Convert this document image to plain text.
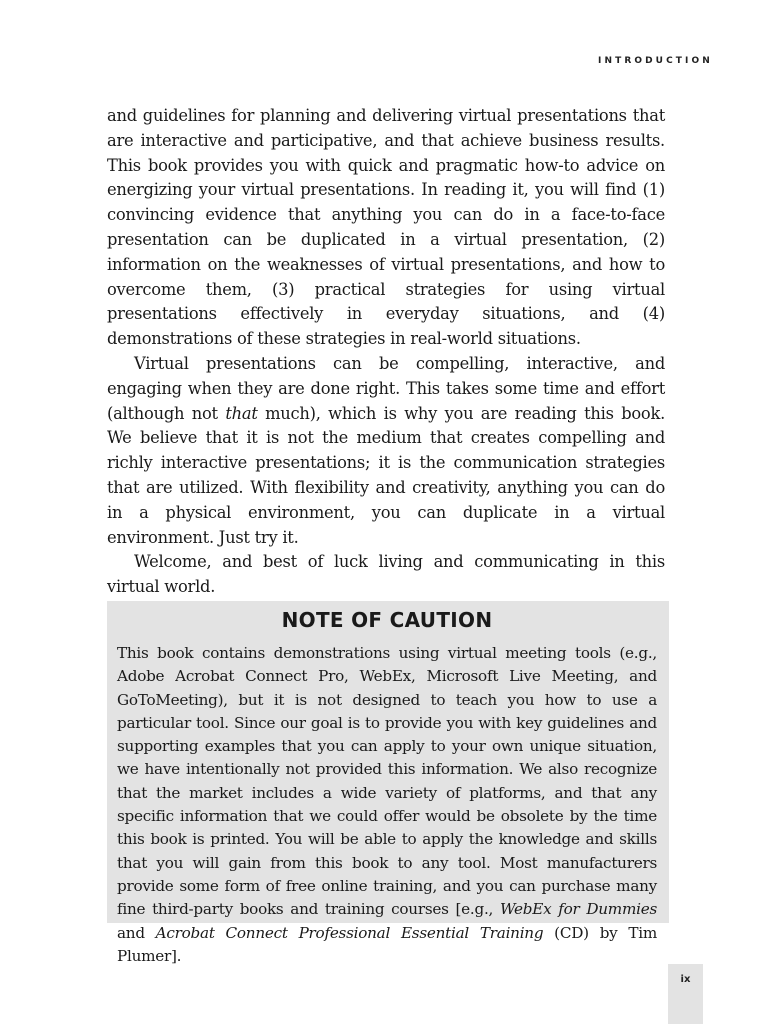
INTRODUCTION

and guidelines for planning and delivering virtual presentations that are interactive and participative, and that achieve business results. This book provides you with quick and pragmatic how-to advice on energizing your virtual presentations. In reading it, you will find (1) convincing evidence that anything you can do in a face-to-face presentation can be duplicated in a virtual presentation, (2) information on the weaknesses of virtual presentations, and how to overcome them, (3) practical strategies for using virtual presentations effectively in everyday situations, and (4) demonstrations of these strategies in real-world situations.

Virtual presentations can be compelling, interactive, and engaging when they are done right. This takes some time and effort (although not that much), which is why you are reading this book. We believe that it is not the medium that creates compelling and richly interactive presentations; it is the communication strategies that are utilized. With flexibility and creativity, anything you can do in a physical environment, you can duplicate in a virtual environment. Just try it.

Welcome, and best of luck living and communicating in this virtual world.

NOTE OF CAUTION

This book contains demonstrations using virtual meeting tools (e.g., Adobe Acrobat Connect Pro, WebEx, Microsoft Live Meeting, and GoToMeeting), but it is not designed to teach you how to use a particular tool. Since our goal is to provide you with key guidelines and supporting examples that you can apply to your own unique situation, we have intentionally not provided this information. We also recognize that the market includes a wide variety of platforms, and that any specific information that we could offer would be obsolete by the time this book is printed. You will be able to apply the knowledge and skills that you will gain from this book to any tool. Most manufacturers provide some form of free online training, and you can purchase many fine third-party books and training courses [e.g., WebEx for Dummies and Acrobat Connect Professional Essential Training (CD) by Tim Plumer].

ix
